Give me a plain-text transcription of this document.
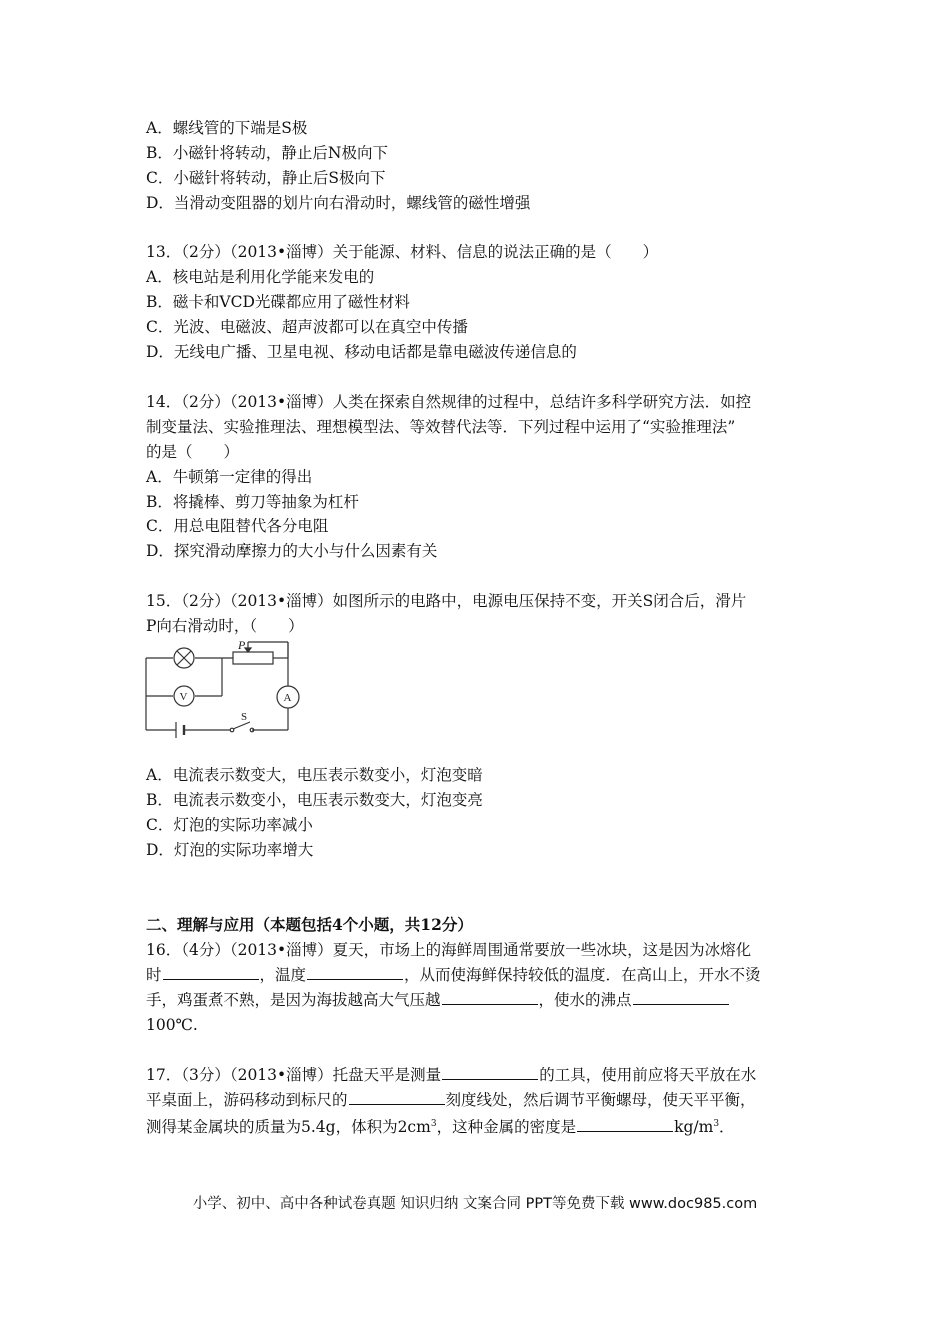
A．螺线管的下端是S极
B．小磁针将转动，静止后N极向下
C．小磁针将转动，静止后S极向下
D．当滑动变阻器的划片向右滑动时，螺线管的磁性增强
13．（2分）（2013•淄博）关于能源、材料、信息的说法正确的是（　　）
A．核电站是利用化学能来发电的
B．磁卡和VCD光碟都应用了磁性材料
C．光波、电磁波、超声波都可以在真空中传播
D．无线电广播、卫星电视、移动电话都是靠电磁波传递信息的
14．（2分）（2013•淄博）人类在探索自然规律的过程中，总结许多科学研究方法．如控
制变量法、实验推理法、理想模型法、等效替代法等．下列过程中运用了“实验推理法”
的是（　　）
A．牛顿第一定律的得出
B．将撬棒、剪刀等抽象为杠杆
C．用总电阻替代各分电阻
D．探究滑动摩擦力的大小与什么因素有关
15．（2分）（2013•淄博）如图所示的电路中，电源电压保持不变，开关S闭合后，滑片
P向右滑动时，（　　）
P
V	A
S
A．电流表示数变大，电压表示数变小，灯泡变暗
B．电流表示数变小，电压表示数变大，灯泡变亮
C．灯泡的实际功率减小
D．灯泡的实际功率增大
二、理解与应用（本题包括4个小题，共12分）
16．（4分）（2013•淄博）夏天，市场上的海鲜周围通常要放一些冰块，这是因为冰熔化
时	，温度	，从而使海鲜保持较低的温度．在高山上，开水不烫
手，鸡蛋煮不熟，是因为海拔越高大气压越	，使水的沸点
100℃.
17．（3分）（2013•淄博）托盘天平是测量	的工具，使用前应将天平放在水
平桌面上，游码移动到标尺的	刻度线处，然后调节平衡螺母，使天平平衡，
测得某金属块的质量为5.4g，体积为$2cm^3$，这种金属的密度是	$kg/m^3$．
小学、初中、高中各种试卷真题 知识归纳 文案合同 PPT等免费下载 www.doc985.com
